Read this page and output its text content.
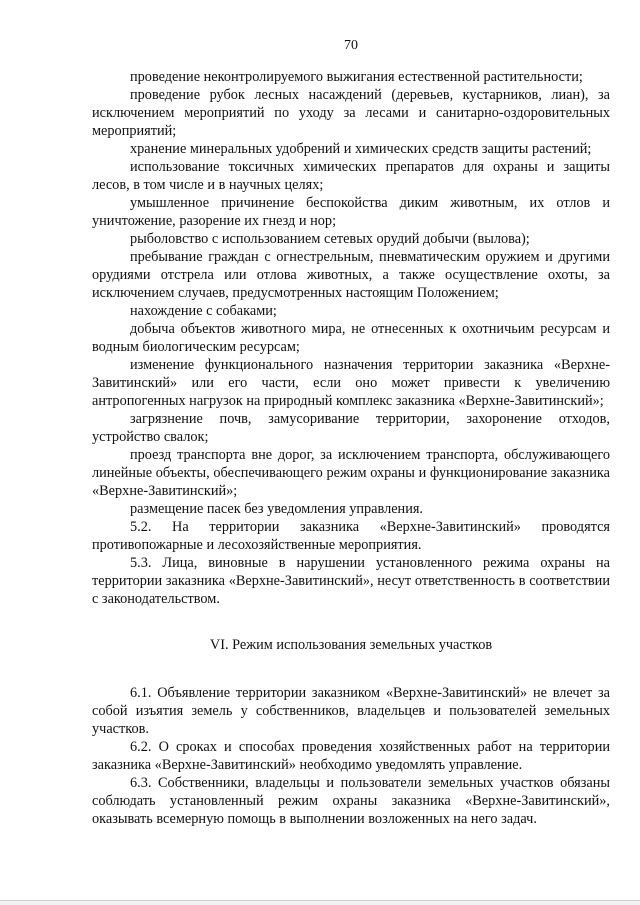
70

проведение неконтролируемого выжигания естественной растительности;

проведение рубок лесных насаждений (деревьев, кустарников, лиан), за исключением мероприятий по уходу за лесами и санитарно-оздоровительных мероприятий;

хранение минеральных удобрений и химических средств защиты растений;

использование токсичных химических препаратов для охраны и защиты лесов, в том числе и в научных целях;

умышленное причинение беспокойства диким животным, их отлов и уничтожение, разорение их гнезд и нор;

рыболовство с использованием сетевых орудий добычи (вылова);

пребывание граждан с огнестрельным, пневматическим оружием и другими орудиями отстрела или отлова животных, а также осуществление охоты, за исключением случаев, предусмотренных настоящим Положением;

нахождение с собаками;

добыча объектов животного мира, не отнесенных к охотничьим ресурсам и водным биологическим ресурсам;

изменение функционального назначения территории заказника «Верхне-Завитинский» или его части, если оно может привести к увеличению антропогенных нагрузок на природный комплекс заказника «Верхне-Завитинский»;

загрязнение почв, замусоривание территории, захоронение отходов, устройство свалок;

проезд транспорта вне дорог, за исключением транспорта, обслуживающего линейные объекты, обеспечивающего режим охраны и функционирование заказника «Верхне-Завитинский»;

размещение пасек без уведомления управления.

5.2. На территории заказника «Верхне-Завитинский» проводятся противопожарные и лесохозяйственные мероприятия.

5.3. Лица, виновные в нарушении установленного режима охраны на территории заказника «Верхне-Завитинский», несут ответственность в соответствии с законодательством.

VI. Режим использования земельных участков

6.1. Объявление территории заказником «Верхне-Завитинский» не влечет за собой изъятия земель у собственников, владельцев и пользователей земельных участков.

6.2. О сроках и способах проведения хозяйственных работ на территории заказника «Верхне-Завитинский» необходимо уведомлять управление.

6.3. Собственники, владельцы и пользователи земельных участков обязаны соблюдать установленный режим охраны заказника «Верхне-Завитинский», оказывать всемерную помощь в выполнении возложенных на него задач.
